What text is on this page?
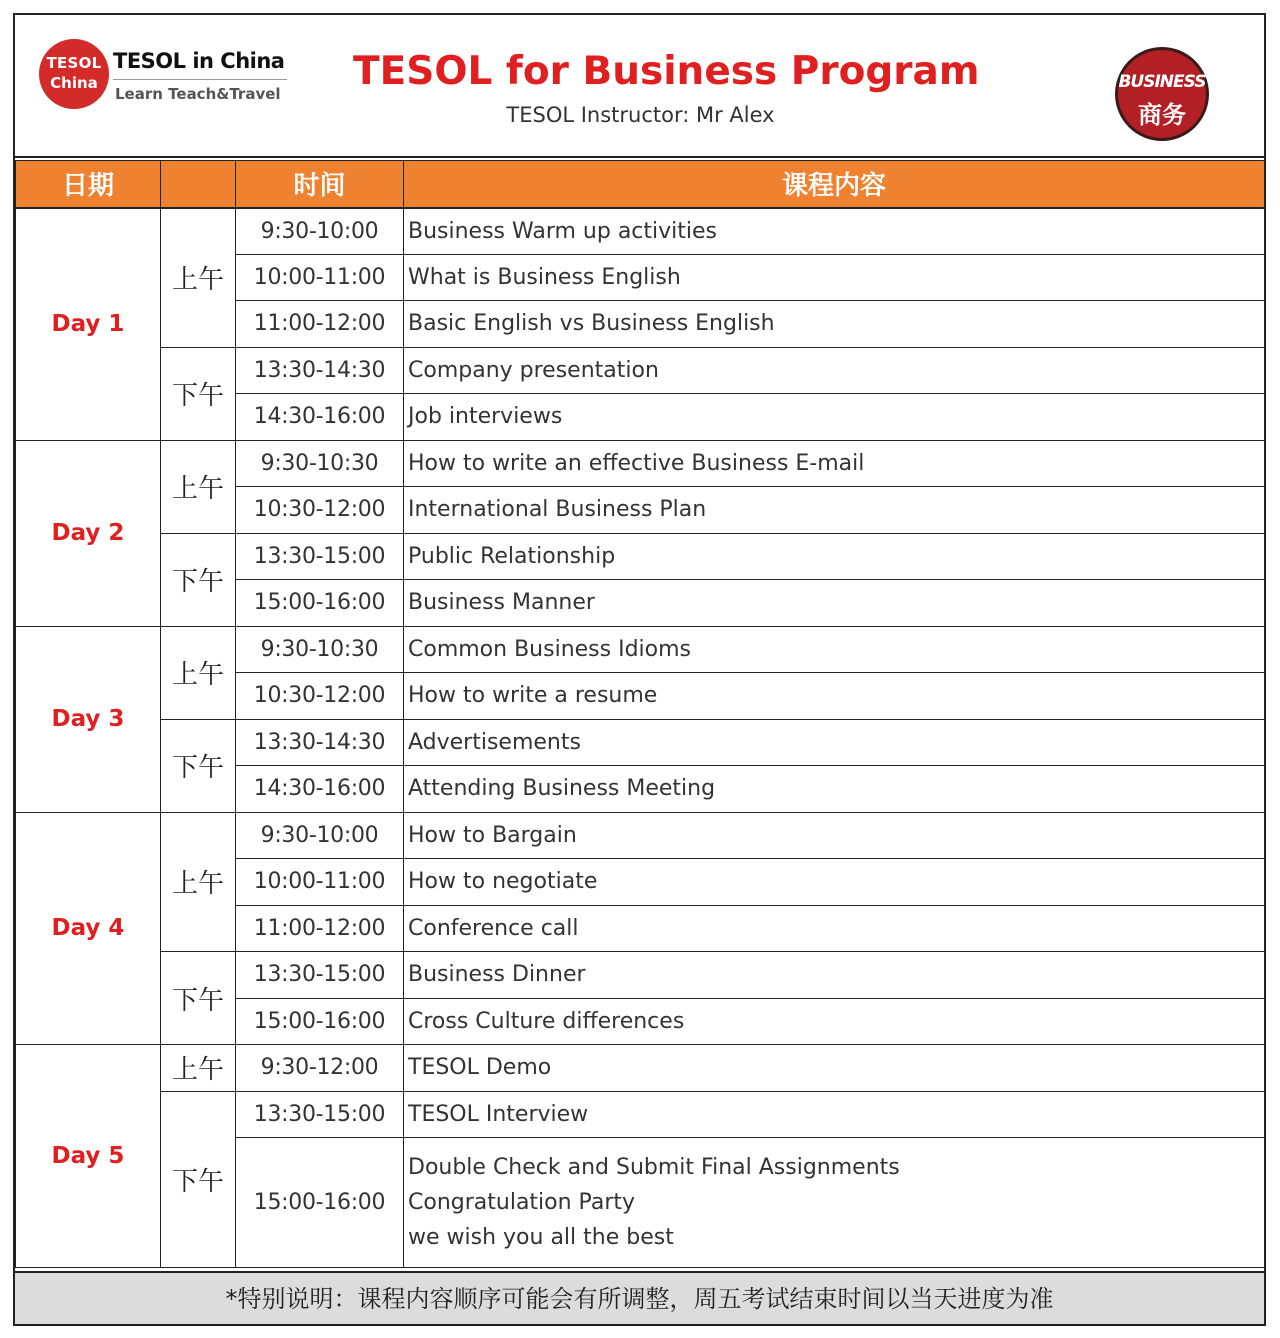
TESOL
China
TESOL in China
Learn Teach&Travel TESOL for Business Program
TESOL Instructor: Mr Alex
BUSINESS
商务
日期		时间	课程内容
Day 1	上午	9:30-10:00	Business Warm up activities
		10:00-11:00	What is Business English
		11:00-12:00	Basic English vs Business English
	下午	13:30-14:30	Company presentation
		14:30-16:00	Job interviews
Day 2	上午	9:30-10:30	How to write an effective Business E-mail
		10:30-12:00	International Business Plan
	下午	13:30-15:00	Public Relationship
		15:00-16:00	Business Manner
Day 3	上午	9:30-10:30	Common Business Idioms
		10:30-12:00	How to write a resume
	下午	13:30-14:30	Advertisements
		14:30-16:00	Attending Business Meeting
Day 4	上午	9:30-10:00	How to Bargain
		10:00-11:00	How to negotiate
		11:00-12:00	Conference call
	下午	13:30-15:00	Business Dinner
		15:00-16:00	Cross Culture differences
Day 5	上午	9:30-12:00	TESOL Demo
	下午	13:30-15:00	TESOL Interview
		15:00-16:00	Double Check and Submit Final Assignments
Congratulation Party
we wish you all the best
*特别说明：课程内容顺序可能会有所调整，周五考试结束时间以当天进度为准
